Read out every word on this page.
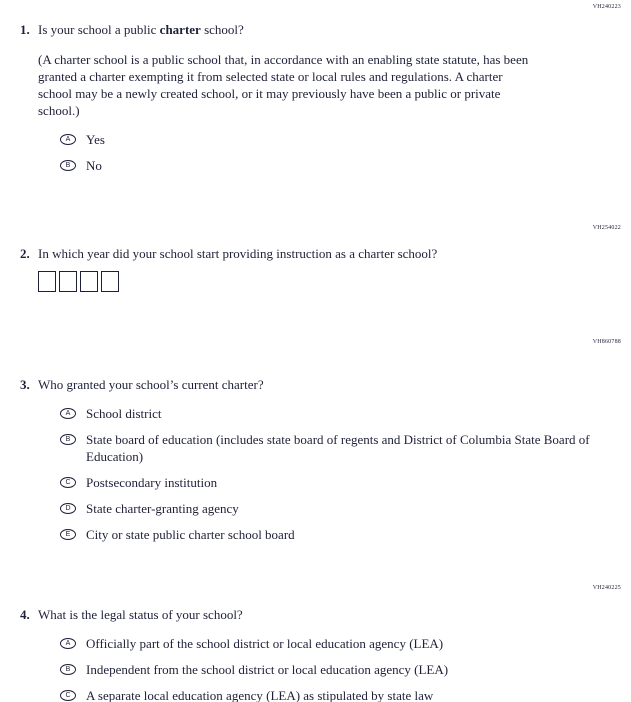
VH240223
VH254022
VH860788
VH240225
1. Is your school a public charter school?

(A charter school is a public school that, in accordance with an enabling state statute, has been granted a charter exempting it from selected state or local rules and regulations. A charter school may be a newly created school, or it may previously have been a public or private school.)

A	Yes
B	No
2. In which year did your school start providing instruction as a charter school?
3. Who granted your school’s current charter?
A	School district
B	State board of education (includes state board of regents and District of Columbia State Board of Education)
C	Postsecondary institution
D	State charter-granting agency
E	City or state public charter school board
4. What is the legal status of your school?
A	Officially part of the school district or local education agency (LEA)
B	Independent from the school district or local education agency (LEA)
C	A separate local education agency (LEA) as stipulated by state law
